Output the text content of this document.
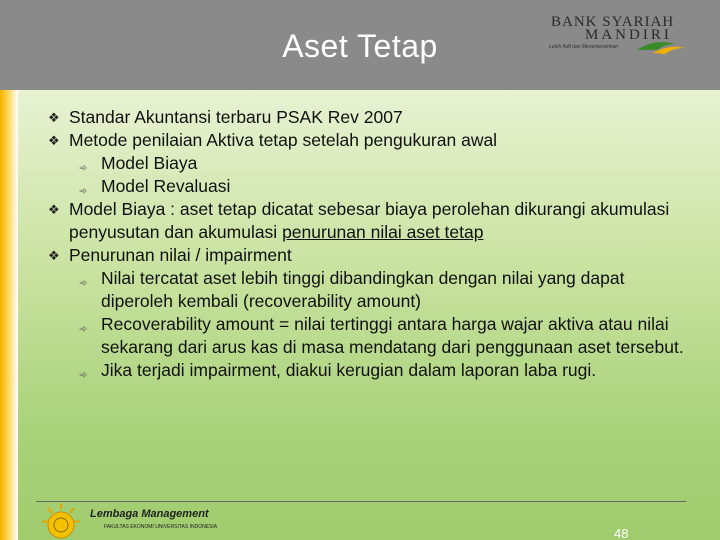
Aset Tetap
BANK SYARIAH
MANDIRI
Lebih Adil dan Menenteramkan
❖ Standar Akuntansi terbaru PSAK Rev 2007
❖ Metode penilaian Aktiva tetap setelah pengukuran awal
➾ Model Biaya
➾ Model Revaluasi
❖ Model Biaya : aset tetap dicatat sebesar biaya perolehan dikurangi akumulasi penyusutan dan akumulasi penurunan nilai aset tetap
❖ Penurunan nilai / impairment
➾ Nilai tercatat aset lebih tinggi dibandingkan dengan nilai yang dapat diperoleh kembali (recoverability amount)
➾ Recoverability amount = nilai tertinggi antara harga wajar aktiva atau nilai sekarang dari arus kas di masa mendatang dari penggunaan aset tersebut.
➾ Jika terjadi impairment, diakui kerugian dalam laporan laba rugi.
Lembaga Management
FAKULTAS EKONOMI UNIVERSITAS INDONESIA	48
